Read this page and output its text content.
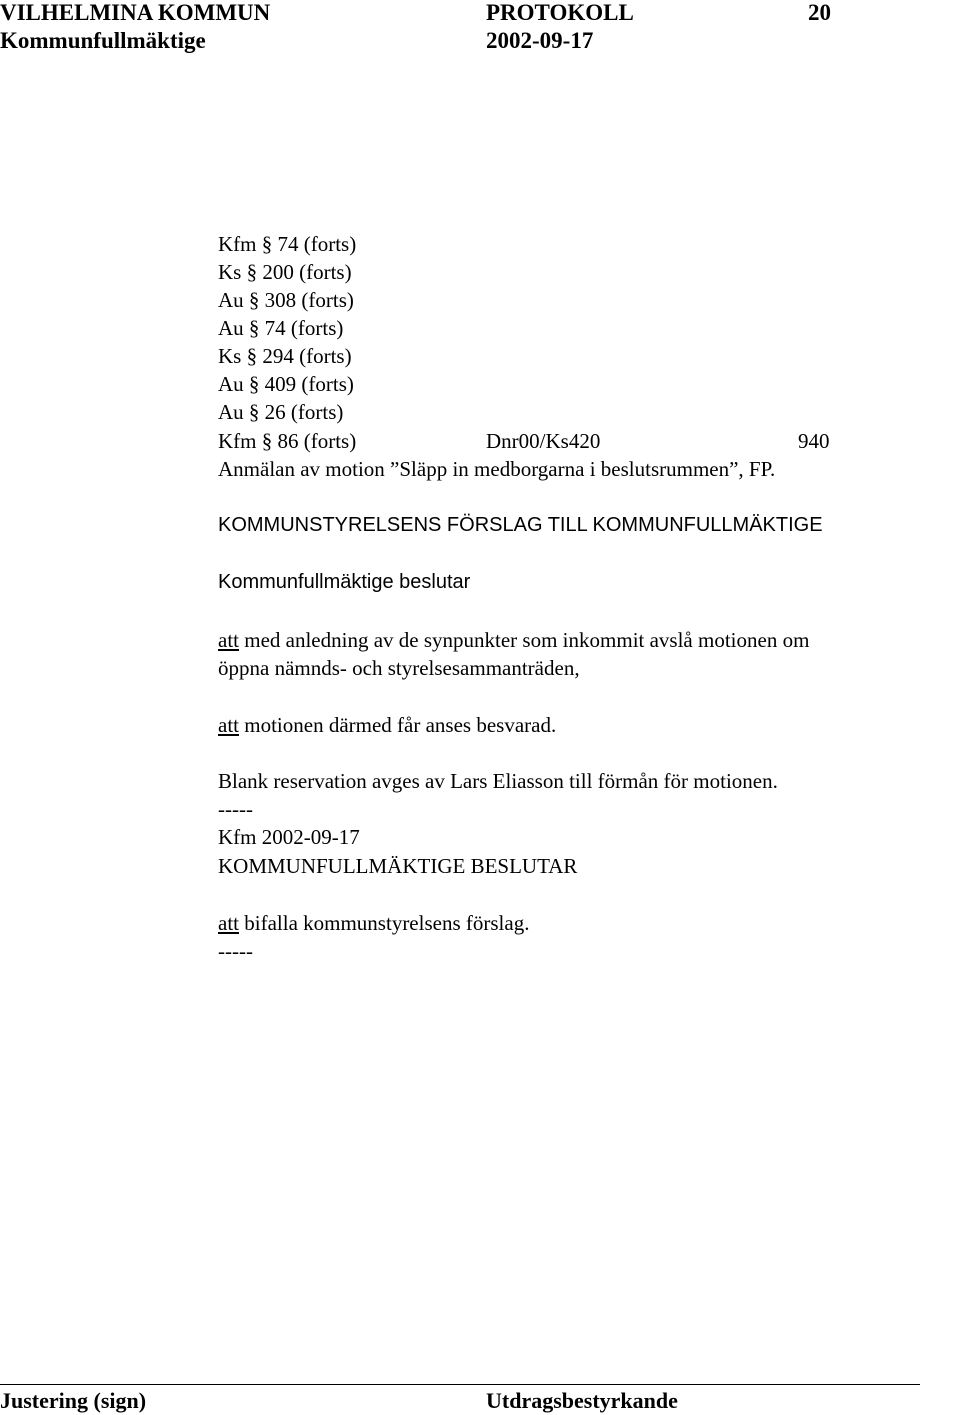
VILHELMINA KOMMUN	PROTOKOLL	20
Kommunfullmäktige	2002-09-17
Kfm § 74 (forts)
Ks § 200 (forts)
Au § 308 (forts)
Au § 74 (forts)
Ks § 294 (forts)
Au § 409 (forts)
Au § 26 (forts)
Kfm § 86 (forts)	Dnr00/Ks420	940
Anmälan av motion ”Släpp in medborgarna i beslutsrummen”, FP.
KOMMUNSTYRELSENS FÖRSLAG TILL KOMMUNFULLMÄKTIGE
Kommunfullmäktige beslutar
att med anledning av de synpunkter som inkommit avslå motionen om
öppna nämnds- och styrelsesammanträden,
att motionen därmed får anses besvarad.
Blank reservation avges av Lars Eliasson till förmån för motionen.
-----
Kfm 2002-09-17
KOMMUNFULLMÄKTIGE BESLUTAR
att bifalla kommunstyrelsens förslag.
-----
Justering (sign)	Utdragsbestyrkande
